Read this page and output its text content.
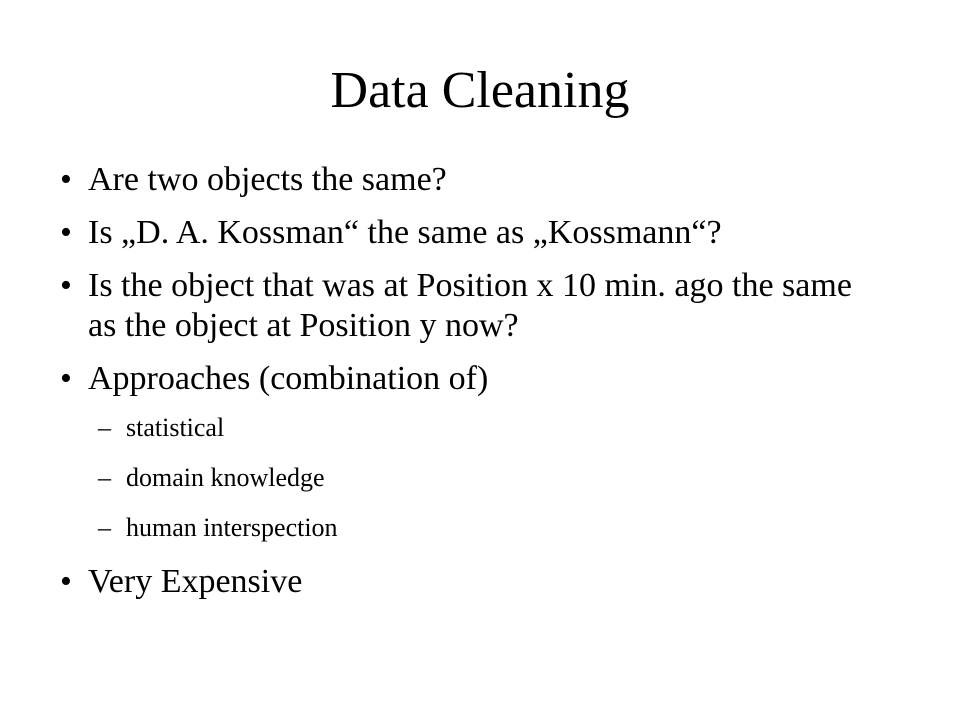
Data Cleaning
• Are two objects the same?
• Is „D. A. Kossman“ the same as „Kossmann“?
• Is the object that was at Position x 10 min. ago the same as the object at Position y now?
• Approaches (combination of)
– statistical
– domain knowledge
– human interspection
• Very Expensive
